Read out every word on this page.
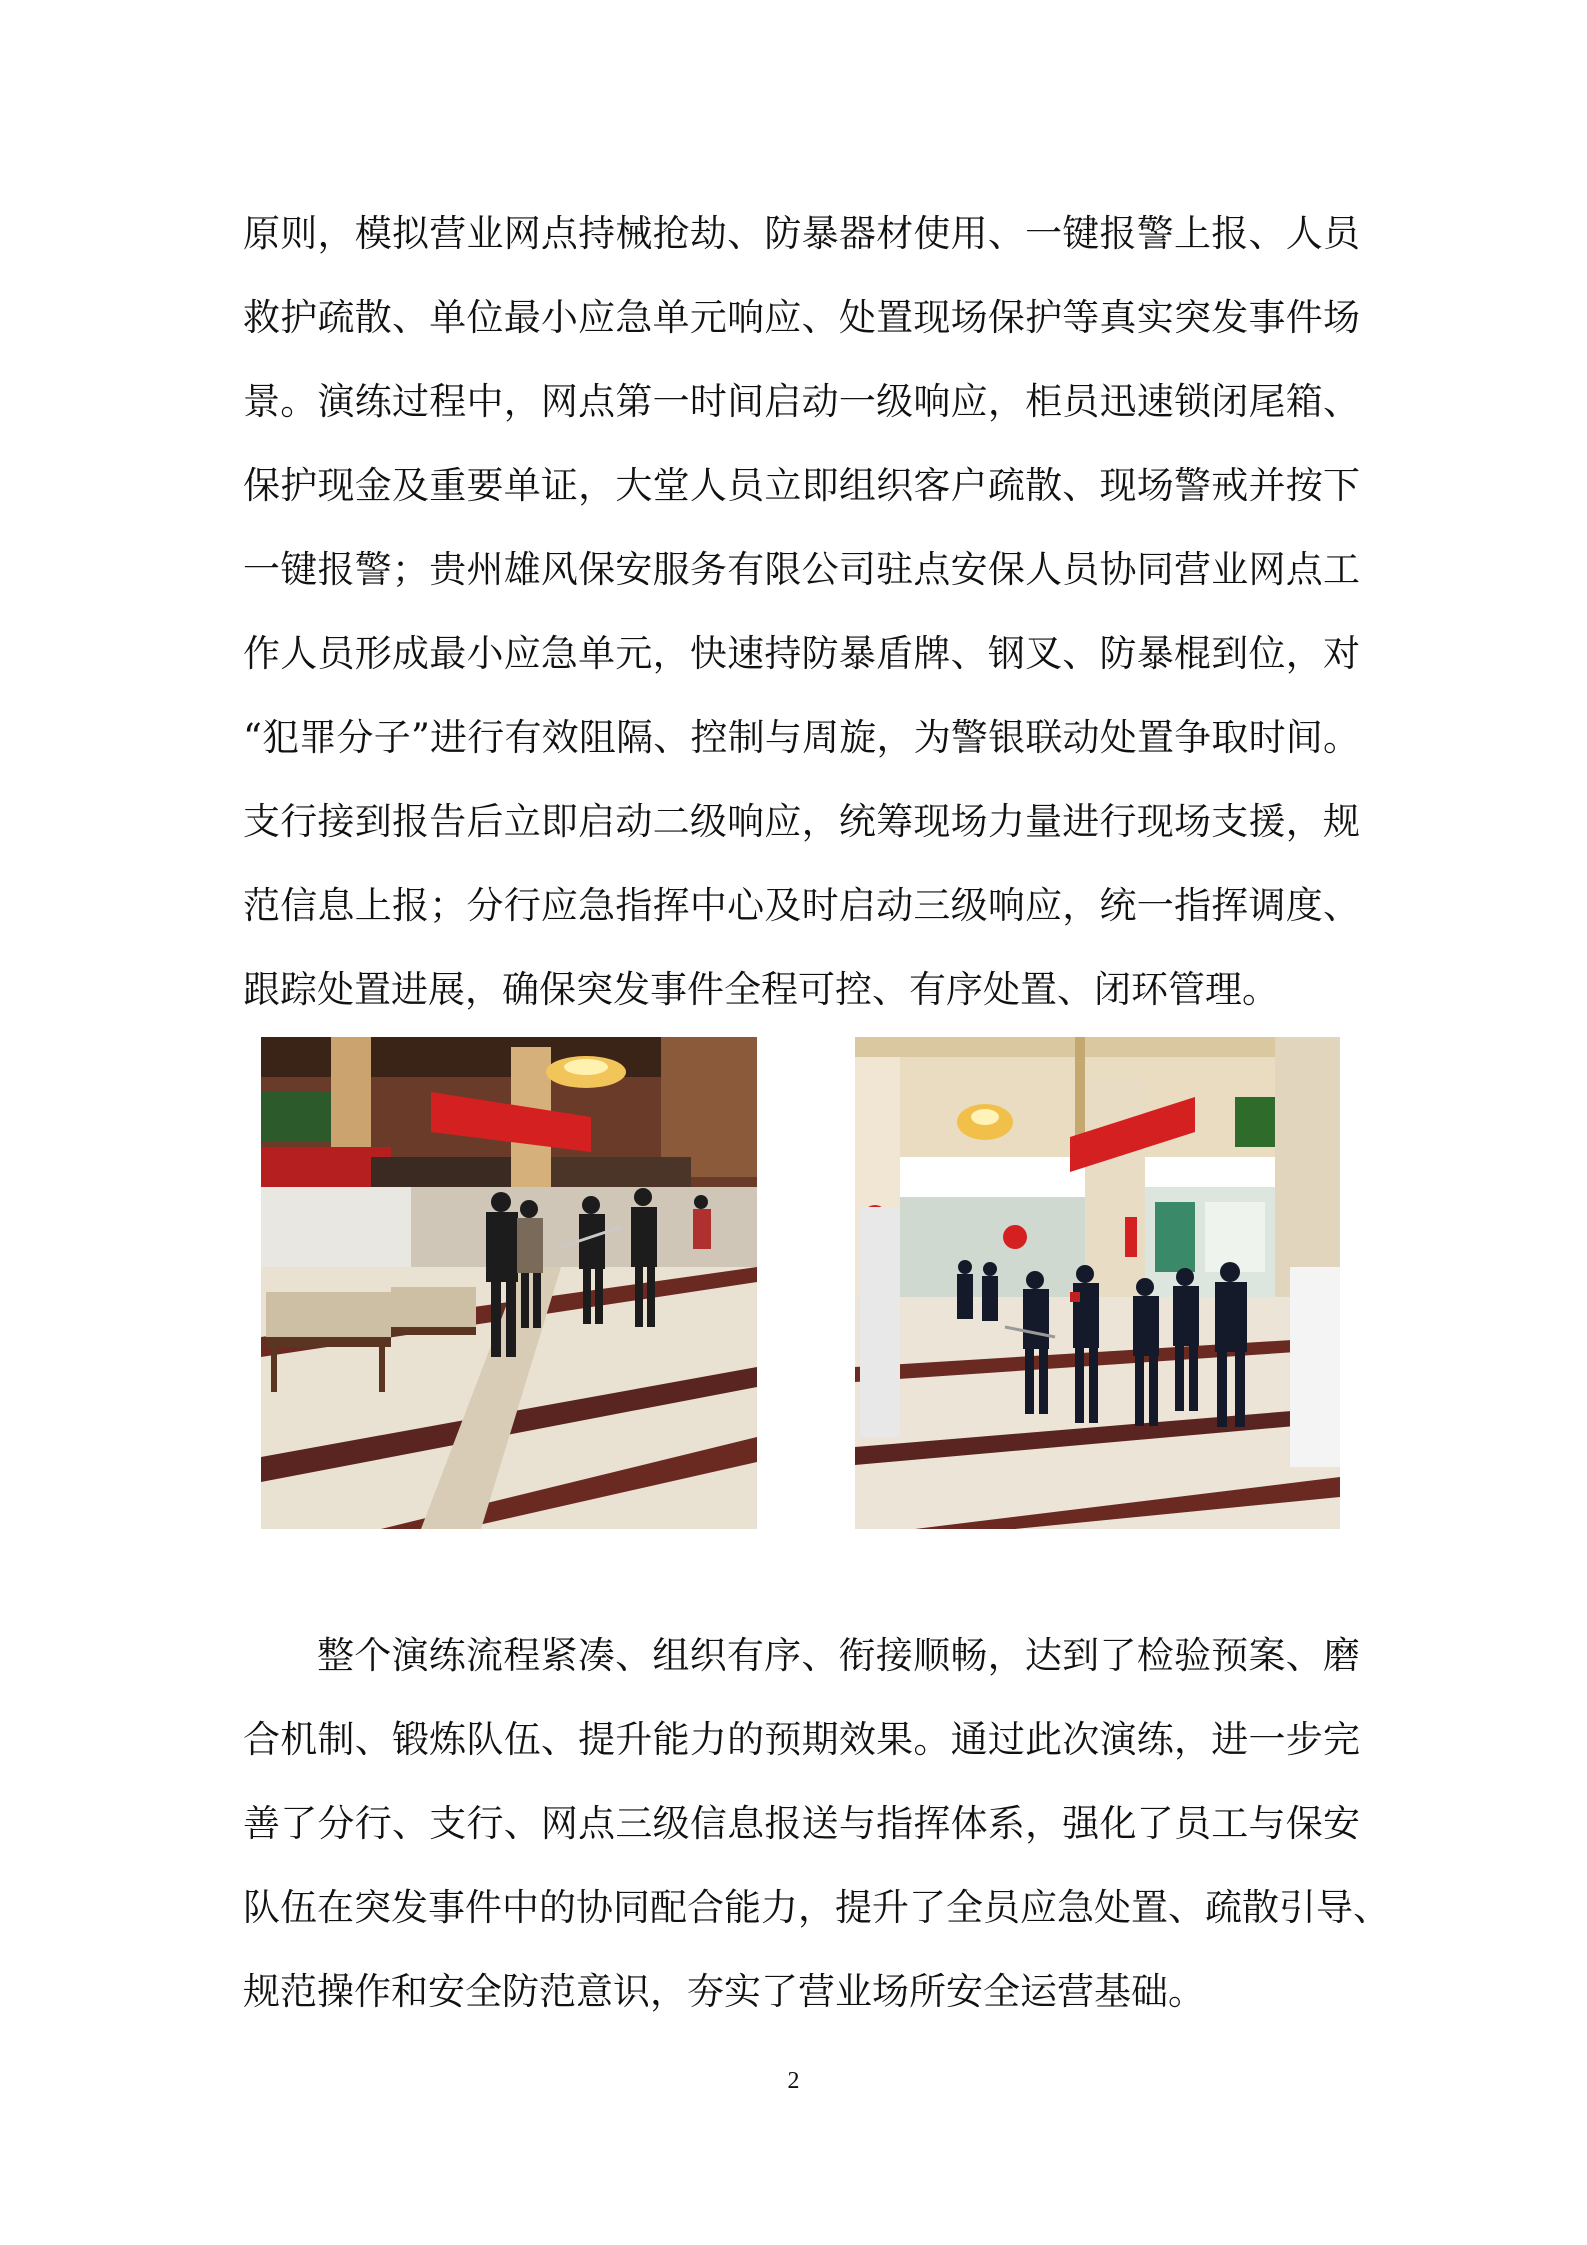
原则，模拟营业网点持械抢劫、防暴器材使用、一键报警上报、人员
救护疏散、单位最小应急单元响应、处置现场保护等真实突发事件场
景。演练过程中，网点第一时间启动一级响应，柜员迅速锁闭尾箱、
保护现金及重要单证，大堂人员立即组织客户疏散、现场警戒并按下
一键报警；贵州雄风保安服务有限公司驻点安保人员协同营业网点工
作人员形成最小应急单元，快速持防暴盾牌、钢叉、防暴棍到位，对
“犯罪分子”进行有效阻隔、控制与周旋，为警银联动处置争取时间。
支行接到报告后立即启动二级响应，统筹现场力量进行现场支援，规
范信息上报；分行应急指挥中心及时启动三级响应，统一指挥调度、
跟踪处置进展，确保突发事件全程可控、有序处置、闭环管理。

整个演练流程紧凑、组织有序、衔接顺畅，达到了检验预案、磨
合机制、锻炼队伍、提升能力的预期效果。通过此次演练，进一步完
善了分行、支行、网点三级信息报送与指挥体系，强化了员工与保安
队伍在突发事件中的协同配合能力，提升了全员应急处置、疏散引导、
规范操作和安全防范意识，夯实了营业场所安全运营基础。

2
